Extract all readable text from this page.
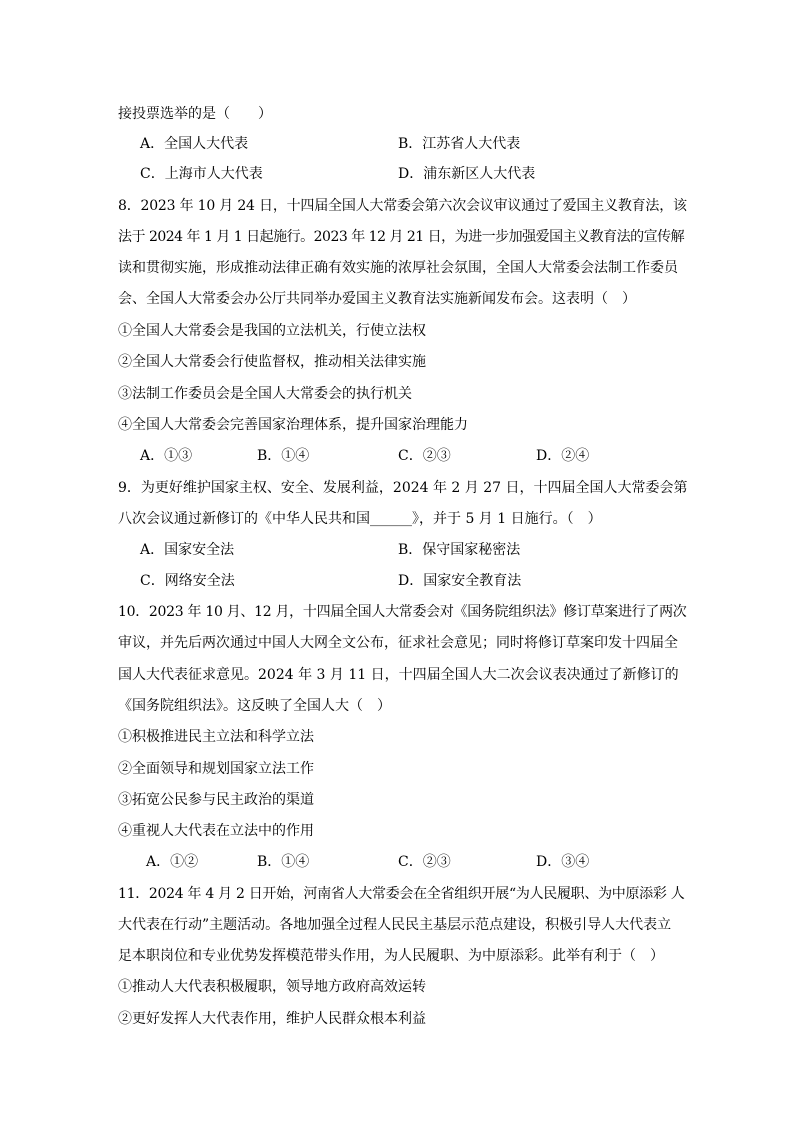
接投票选举的是（　　）
A．全国人大代表	B．江苏省人大代表
C．上海市人大代表	D．浦东新区人大代表
8．2023 年 10 月 24 日，十四届全国人大常委会第六次会议审议通过了爱国主义教育法，该
法于 2024 年 1 月 1 日起施行。2023 年 12 月 21 日，为进一步加强爱国主义教育法的宣传解
读和贯彻实施，形成推动法律正确有效实施的浓厚社会氛围，全国人大常委会法制工作委员
会、全国人大常委会办公厅共同举办爱国主义教育法实施新闻发布会。这表明（　）
①全国人大常委会是我国的立法机关，行使立法权
②全国人大常委会行使监督权，推动相关法律实施
③法制工作委员会是全国人大常委会的执行机关
④全国人大常委会完善国家治理体系，提升国家治理能力
A．①③	B．①④	C．②③	D．②④
9．为更好维护国家主权、安全、发展利益，2024 年 2 月 27 日，十四届全国人大常委会第
八次会议通过新修订的《中华人民共和国______》，并于 5 月 1 日施行。（　）
A．国家安全法	B．保守国家秘密法
C．网络安全法	D．国家安全教育法
10．2023 年 10 月、12 月，十四届全国人大常委会对《国务院组织法》修订草案进行了两次
审议，并先后两次通过中国人大网全文公布，征求社会意见；同时将修订草案印发十四届全
国人大代表征求意见。2024 年 3 月 11 日，十四届全国人大二次会议表决通过了新修订的
《国务院组织法》。这反映了全国人大（　）
①积极推进民主立法和科学立法
②全面领导和规划国家立法工作
③拓宽公民参与民主政治的渠道
④重视人大代表在立法中的作用
A．①②	B．①④	C．②③	D．③④
11．2024 年 4 月 2 日开始，河南省人大常委会在全省组织开展“为人民履职、为中原添彩 人
大代表在行动”主题活动。各地加强全过程人民民主基层示范点建设，积极引导人大代表立
足本职岗位和专业优势发挥模范带头作用，为人民履职、为中原添彩。此举有利于（　）
①推动人大代表积极履职，领导地方政府高效运转
②更好发挥人大代表作用，维护人民群众根本利益
